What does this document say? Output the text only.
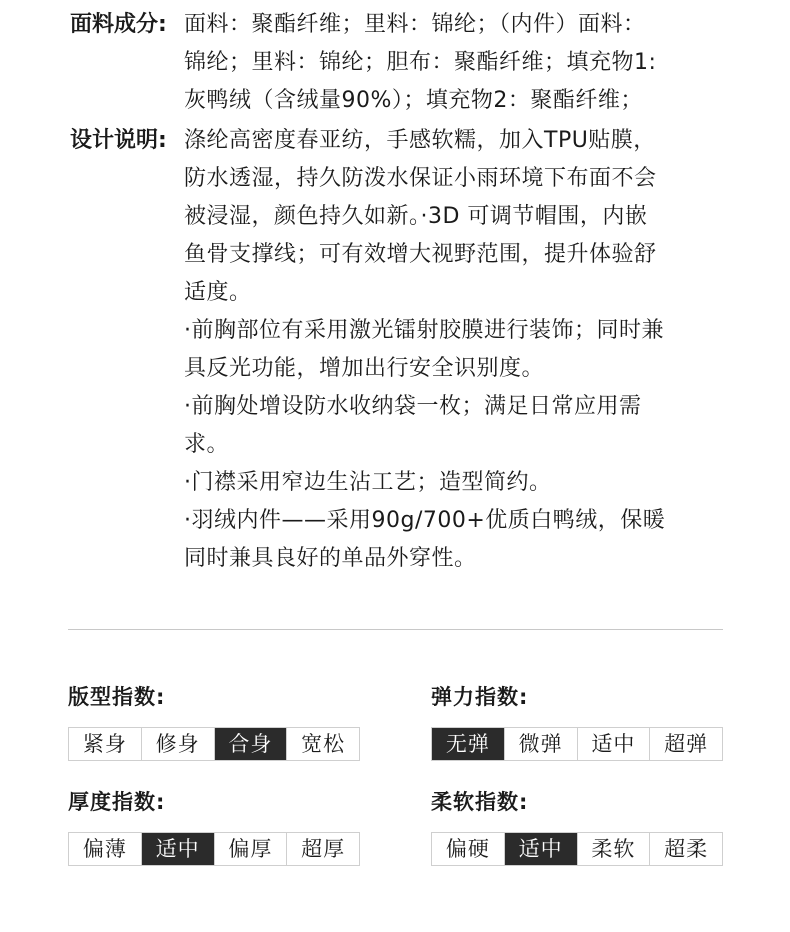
面料成分: 面料：聚酯纤维；里料：锦纶；（内件）面料：
锦纶；里料：锦纶；胆布：聚酯纤维；填充物1:
灰鸭绒（含绒量90%）；填充物2：聚酯纤维；
设计说明: 涤纶高密度春亚纺，手感软糯，加入TPU贴膜，
防水透湿，持久防泼水保证小雨环境下布面不会
被浸湿，颜色持久如新。·3D 可调节帽围，内嵌
鱼骨支撑线；可有效增大视野范围，提升体验舒
适度。
·前胸部位有采用激光镭射胶膜进行装饰；同时兼
具反光功能，增加出行安全识别度。
·前胸处增设防水收纳袋一枚；满足日常应用需
求。
·门襟采用窄边生沾工艺；造型简约。
·羽绒内件——采用90g/700+优质白鸭绒，保暖
同时兼具良好的单品外穿性。
版型指数:
紧身	修身	合身	宽松
弹力指数:
无弹	微弹	适中	超弹
厚度指数:
偏薄	适中	偏厚	超厚
柔软指数:
偏硬	适中	柔软	超柔
